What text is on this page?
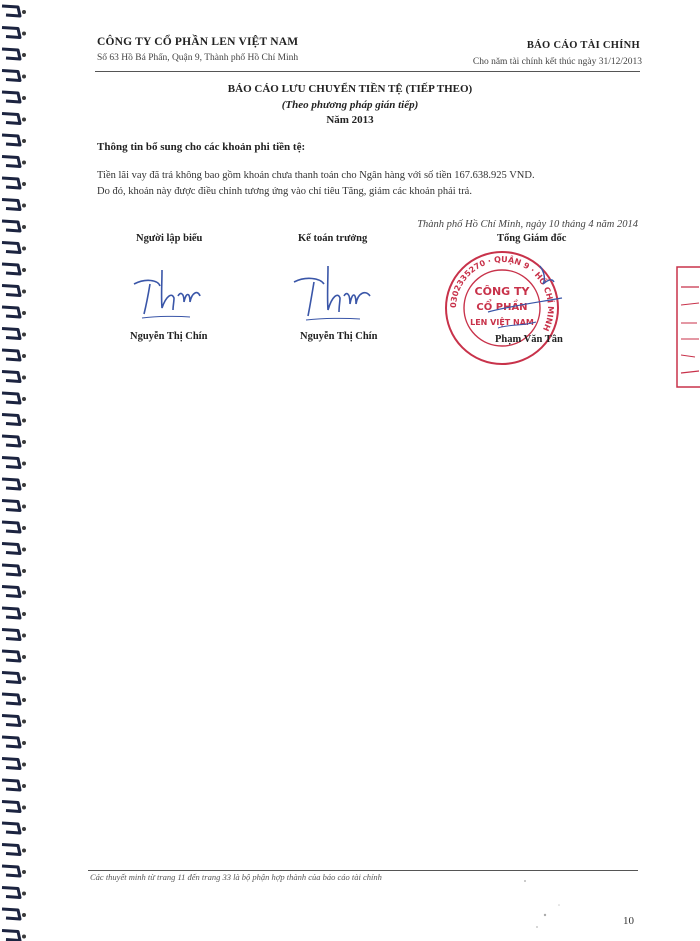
CÔNG TY CỔ PHẦN LEN VIỆT NAM
Số 63 Hồ Bá Phấn, Quận 9, Thành phố Hồ Chí Minh
BÁO CÁO TÀI CHÍNH
Cho năm tài chính kết thúc ngày 31/12/2013
BÁO CÁO LƯU CHUYỂN TIỀN TỆ (TIẾP THEO)
(Theo phương pháp gián tiếp)
Năm 2013
Thông tin bổ sung cho các khoản phi tiền tệ:
Tiền lãi vay đã trả không bao gồm khoản chưa thanh toán cho Ngân hàng với số tiền 167.638.925 VND.
Do đó, khoản này được điều chỉnh tương ứng vào chỉ tiêu Tăng, giảm các khoản phải trả.
Thành phố Hồ Chí Minh, ngày 10 tháng 4 năm 2014
Người lập biểu	Kế toán trưởng	Tổng Giám đốc
0302335270 · QUẬN 9 · HỒ CHÍ MINH
CÔNG TY
CỔ PHẦN
LEN VIỆT NAM
Nguyễn Thị Chín	Nguyễn Thị Chín	Phạm Văn Tân
Các thuyết minh từ trang 11 đến trang 33 là bộ phận hợp thành của báo cáo tài chính
10
